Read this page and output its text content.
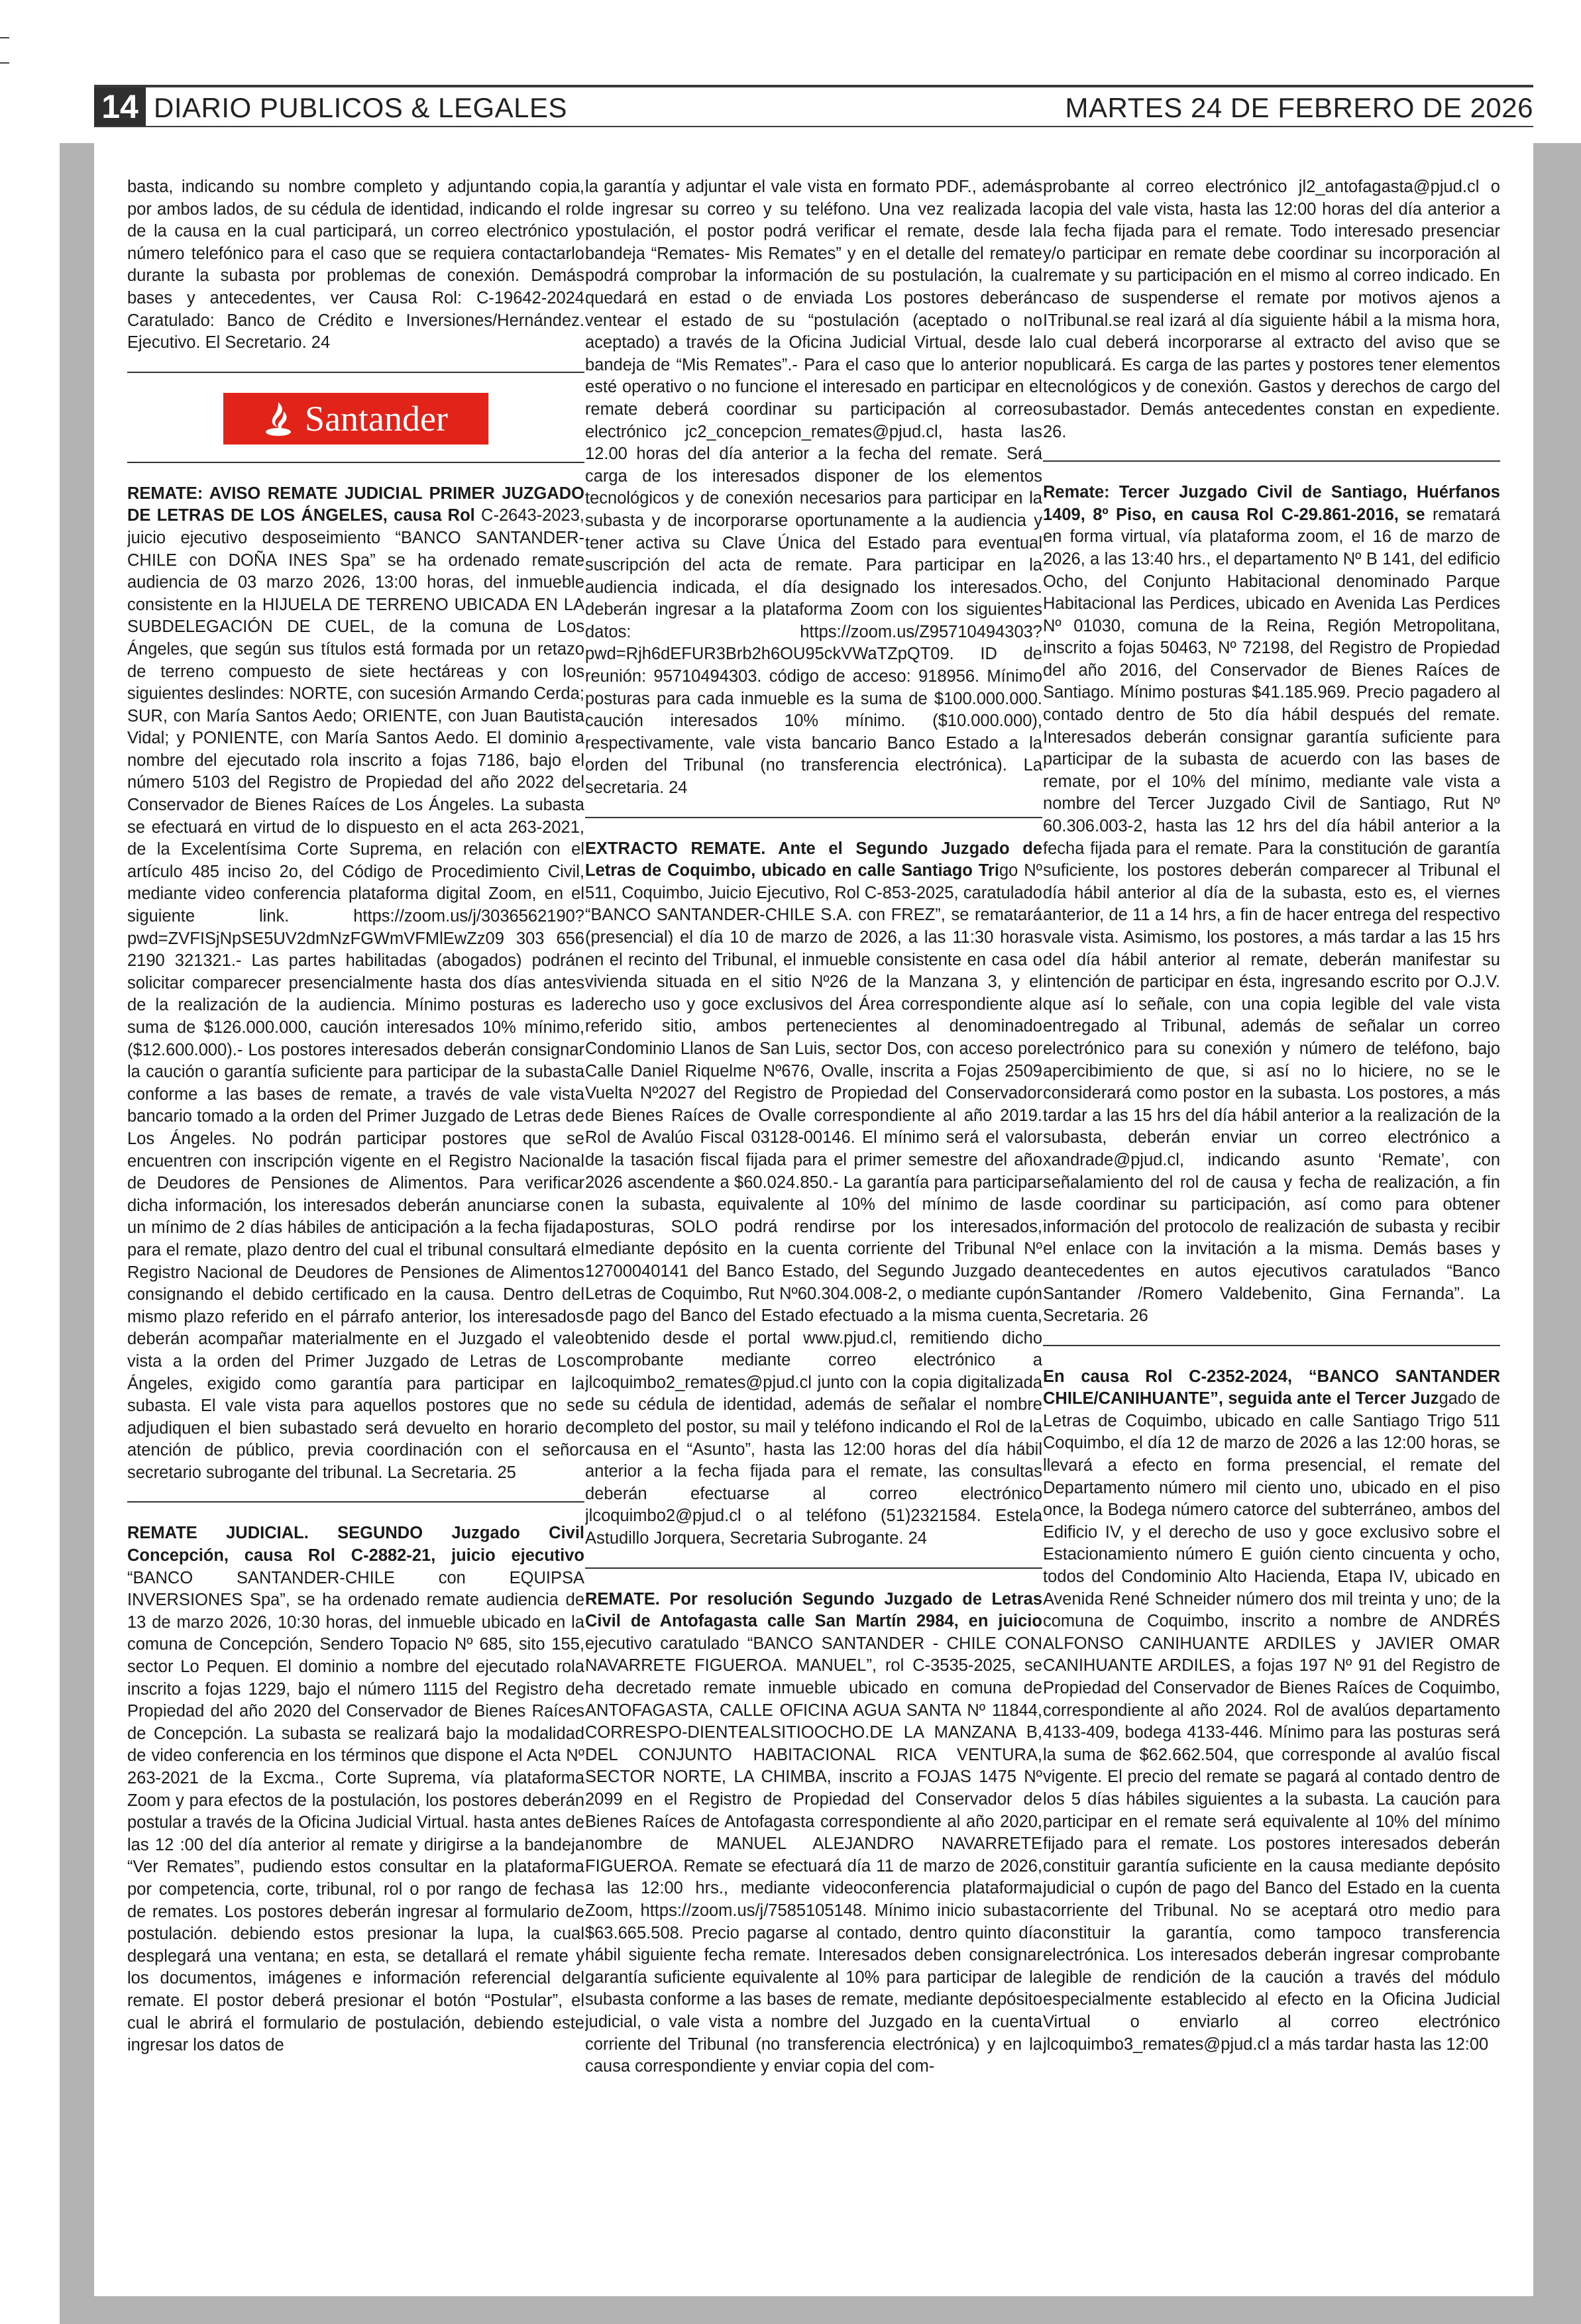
14 DIARIO PUBLICOS & LEGALES	MARTES 24 DE FEBRERO DE 2026

basta, indicando su nombre completo y adjuntando copia, por ambos lados, de su cédula de identidad, indicando el rol de la causa en la cual participará, un correo electrónico y número telefónico para el caso que se requiera contactarlo durante la subasta por problemas de conexión. Demás bases y antecedentes, ver Causa Rol: C-19642-2024 Caratulado: Banco de Crédito e Inversiones/Hernández. Ejecutivo. El Secretario. 24

Santander

REMATE: AVISO REMATE JUDICIAL PRIMER JUZGADO DE LETRAS DE LOS ÁNGELES, causa Rol C-2643-2023, juicio ejecutivo desposeimiento “BANCO SANTANDER-CHILE con DOÑA INES Spa” se ha ordenado remate audiencia de 03 marzo 2026, 13:00 horas, del inmueble consistente en la HIJUELA DE TERRENO UBICADA EN LA SUBDELEGACIÓN DE CUEL, de la comuna de Los Ángeles, que según sus títulos está formada por un retazo de terreno compuesto de siete hectáreas y con los siguientes deslindes: NORTE, con sucesión Armando Cerda; SUR, con María Santos Aedo; ORIENTE, con Juan Bautista Vidal; y PONIENTE, con María Santos Aedo. El dominio a nombre del ejecutado rola inscrito a fojas 7186, bajo el número 5103 del Registro de Propiedad del año 2022 del Conservador de Bienes Raíces de Los Ángeles. La subasta se efectuará en virtud de lo dispuesto en el acta 263-2021, de la Excelentísima Corte Suprema, en relación con el artículo 485 inciso 2o, del Código de Procedimiento Civil, mediante video conferencia plataforma digital Zoom, en el siguiente link. https://zoom.us/j/3036562190?pwd=ZVFISjNpSE5UV2dmNzFGWmVFMlEwZz09 303 656 2190 321321.- Las partes habilitadas (abogados) podrán solicitar comparecer presencialmente hasta dos días antes de la realización de la audiencia. Mínimo posturas es la suma de $126.000.000, caución interesados 10% mínimo, ($12.600.000).- Los postores interesados deberán consignar la caución o garantía suficiente para participar de la subasta conforme a las bases de remate, a través de vale vista bancario tomado a la orden del Primer Juzgado de Letras de Los Ángeles. No podrán participar postores que se encuentren con inscripción vigente en el Registro Nacional de Deudores de Pensiones de Alimentos. Para verificar dicha información, los interesados deberán anunciarse con un mínimo de 2 días hábiles de anticipación a la fecha fijada para el remate, plazo dentro del cual el tribunal consultará el Registro Nacional de Deudores de Pensiones de Alimentos consignando el debido certificado en la causa. Dentro del mismo plazo referido en el párrafo anterior, los interesados deberán acompañar materialmente en el Juzgado el vale vista a la orden del Primer Juzgado de Letras de Los Ángeles, exigido como garantía para participar en la subasta. El vale vista para aquellos postores que no se adjudiquen el bien subastado será devuelto en horario de atención de público, previa coordinación con el señor secretario subrogante del tribunal. La Secretaria. 25

REMATE JUDICIAL. SEGUNDO Juzgado Civil Concepción, causa Rol C-2882-21, juicio ejecutivo “BANCO SANTANDER-CHILE con EQUIPSA INVERSIONES Spa”, se ha ordenado remate audiencia de 13 de marzo 2026, 10:30 horas, del inmueble ubicado en la comuna de Concepción, Sendero Topacio Nº 685, sito 155, sector Lo Pequen. El dominio a nombre del ejecutado rola inscrito a fojas 1229, bajo el número 1115 del Registro de Propiedad del año 2020 del Conservador de Bienes Raíces de Concepción. La subasta se realizará bajo la modalidad de video conferencia en los términos que dispone el Acta Nº 263-2021 de la Excma., Corte Suprema, vía plataforma Zoom y para efectos de la postulación, los postores deberán postular a través de la Oficina Judicial Virtual. hasta antes de las 12 :00 del día anterior al remate y dirigirse a la bandeja “Ver Remates”, pudiendo estos consultar en la plataforma por competencia, corte, tribunal, rol o por rango de fechas de remates. Los postores deberán ingresar al formulario de postulación. debiendo estos presionar la lupa, la cual desplegará una ventana; en esta, se detallará el remate y los documentos, imágenes e información referencial del remate. El postor deberá presionar el botón “Postular”, el cual le abrirá el formulario de postulación, debiendo este ingresar los datos de

la garantía y adjuntar el vale vista en formato PDF., además de ingresar su correo y su teléfono. Una vez realizada la postulación, el postor podrá verificar el remate, desde la bandeja “Remates- Mis Remates” y en el detalle del remate podrá comprobar la información de su postulación, la cual quedará en estad o de enviada Los postores deberán ventear el estado de su “postulación (aceptado o no aceptado) a través de la Oficina Judicial Virtual, desde la bandeja de “Mis Remates”.- Para el caso que lo anterior no esté operativo o no funcione el interesado en participar en el remate deberá coordinar su participación al correo electrónico jc2_concepcion_remates@pjud.cl, hasta las 12.00 horas del día anterior a la fecha del remate. Será carga de los interesados disponer de los elementos tecnológicos y de conexión necesarios para participar en la subasta y de incorporarse oportunamente a la audiencia y tener activa su Clave Única del Estado para eventual suscripción del acta de remate. Para participar en la audiencia indicada, el día designado los interesados. deberán ingresar a la plataforma Zoom con los siguientes datos: https://zoom.us/Z95710494303?pwd=Rjh6dEFUR3Brb2h6OU95ckVWaTZpQT09. ID de reunión: 95710494303. código de acceso: 918956. Mínimo posturas para cada inmueble es la suma de $100.000.000. caución interesados 10% mínimo. ($10.000.000), respectivamente, vale vista bancario Banco Estado a la orden del Tribunal (no transferencia electrónica). La secretaria. 24

EXTRACTO REMATE. Ante el Segundo Juzgado de Letras de Coquimbo, ubicado en calle Santiago Trigo Nº 511, Coquimbo, Juicio Ejecutivo, Rol C-853-2025, caratulado “BANCO SANTANDER-CHILE S.A. con FREZ”, se rematará (presencial) el día 10 de marzo de 2026, a las 11:30 horas en el recinto del Tribunal, el inmueble consistente en casa o vivienda situada en el sitio Nº26 de la Manzana 3, y el derecho uso y goce exclusivos del Área correspondiente al referido sitio, ambos pertenecientes al denominado Condominio Llanos de San Luis, sector Dos, con acceso por Calle Daniel Riquelme Nº676, Ovalle, inscrita a Fojas 2509 Vuelta Nº2027 del Registro de Propiedad del Conservador de Bienes Raíces de Ovalle correspondiente al año 2019. Rol de Avalúo Fiscal 03128-00146. El mínimo será el valor de la tasación fiscal fijada para el primer semestre del año 2026 ascendente a $60.024.850.- La garantía para participar en la subasta, equivalente al 10% del mínimo de las posturas, SOLO podrá rendirse por los interesados, mediante depósito en la cuenta corriente del Tribunal Nº 12700040141 del Banco Estado, del Segundo Juzgado de Letras de Coquimbo, Rut Nº60.304.008-2, o mediante cupón de pago del Banco del Estado efectuado a la misma cuenta, obtenido desde el portal www.pjud.cl, remitiendo dicho comprobante mediante correo electrónico a jlcoquimbo2_remates@pjud.cl junto con la copia digitalizada de su cédula de identidad, además de señalar el nombre completo del postor, su mail y teléfono indicando el Rol de la causa en el “Asunto”, hasta las 12:00 horas del día hábil anterior a la fecha fijada para el remate, las consultas deberán efectuarse al correo electrónico jlcoquimbo2@pjud.cl o al teléfono (51)2321584. Estela Astudillo Jorquera, Secretaria Subrogante. 24

REMATE. Por resolución Segundo Juzgado de Letras Civil de Antofagasta calle San Martín 2984, en juicio ejecutivo caratulado “BANCO SANTANDER - CHILE CON NAVARRETE FIGUEROA. MANUEL”, rol C-3535-2025, se ha decretado remate inmueble ubicado en comuna de ANTOFAGASTA, CALLE OFICINA AGUA SANTA Nº 11844, CORRESPO-DIENTEALSITIOOCHO.DE LA MANZANA B, DEL CONJUNTO HABITACIONAL RICA VENTURA, SECTOR NORTE, LA CHIMBA, inscrito a FOJAS 1475 Nº 2099 en el Registro de Propiedad del Conservador de Bienes Raíces de Antofagasta correspondiente al año 2020, nombre de MANUEL ALEJANDRO NAVARRETE FIGUEROA. Remate se efectuará día 11 de marzo de 2026, a las 12:00 hrs., mediante videoconferencia plataforma Zoom, https://zoom.us/j/7585105148. Mínimo inicio subasta $63.665.508. Precio pagarse al contado, dentro quinto día hábil siguiente fecha remate. Interesados deben consignar garantía suficiente equivalente al 10% para participar de la subasta conforme a las bases de remate, mediante depósito judicial, o vale vista a nombre del Juzgado en la cuenta corriente del Tribunal (no transferencia electrónica) y en la causa correspondiente y enviar copia del com-

probante al correo electrónico jl2_antofagasta@pjud.cl o copia del vale vista, hasta las 12:00 horas del día anterior a la fecha fijada para el remate. Todo interesado presenciar y/o participar en remate debe coordinar su incorporación al remate y su participación en el mismo al correo indicado. En caso de suspenderse el remate por motivos ajenos a ITribunal.se real izará al día siguiente hábil a la misma hora, lo cual deberá incorporarse al extracto del aviso que se publicará. Es carga de las partes y postores tener elementos tecnológicos y de conexión. Gastos y derechos de cargo del subastador. Demás antecedentes constan en expediente. 26.

Remate: Tercer Juzgado Civil de Santiago, Huérfanos 1409, 8º Piso, en causa Rol C-29.861-2016, se rematará en forma virtual, vía plataforma zoom, el 16 de marzo de 2026, a las 13:40 hrs., el departamento Nº B 141, del edificio Ocho, del Conjunto Habitacional denominado Parque Habitacional las Perdices, ubicado en Avenida Las Perdices Nº 01030, comuna de la Reina, Región Metropolitana, inscrito a fojas 50463, Nº 72198, del Registro de Propiedad del año 2016, del Conservador de Bienes Raíces de Santiago. Mínimo posturas $41.185.969. Precio pagadero al contado dentro de 5to día hábil después del remate. Interesados deberán consignar garantía suficiente para participar de la subasta de acuerdo con las bases de remate, por el 10% del mínimo, mediante vale vista a nombre del Tercer Juzgado Civil de Santiago, Rut Nº 60.306.003-2, hasta las 12 hrs del día hábil anterior a la fecha fijada para el remate. Para la constitución de garantía suficiente, los postores deberán comparecer al Tribunal el día hábil anterior al día de la subasta, esto es, el viernes anterior, de 11 a 14 hrs, a fin de hacer entrega del respectivo vale vista. Asimismo, los postores, a más tardar a las 15 hrs del día hábil anterior al remate, deberán manifestar su intención de participar en ésta, ingresando escrito por O.J.V. que así lo señale, con una copia legible del vale vista entregado al Tribunal, además de señalar un correo electrónico para su conexión y número de teléfono, bajo apercibimiento de que, si así no lo hiciere, no se le considerará como postor en la subasta. Los postores, a más tardar a las 15 hrs del día hábil anterior a la realización de la subasta, deberán enviar un correo electrónico a xandrade@pjud.cl, indicando asunto ‘Remate’, con señalamiento del rol de causa y fecha de realización, a fin de coordinar su participación, así como para obtener información del protocolo de realización de subasta y recibir el enlace con la invitación a la misma. Demás bases y antecedentes en autos ejecutivos caratulados “Banco Santander /Romero Valdebenito, Gina Fernanda”. La Secretaria. 26

En causa Rol C-2352-2024, “BANCO SANTANDER CHILE/CANIHUANTE”, seguida ante el Tercer Juzgado de Letras de Coquimbo, ubicado en calle Santiago Trigo 511 Coquimbo, el día 12 de marzo de 2026 a las 12:00 horas, se llevará a efecto en forma presencial, el remate del Departamento número mil ciento uno, ubicado en el piso once, la Bodega número catorce del subterráneo, ambos del Edificio IV, y el derecho de uso y goce exclusivo sobre el Estacionamiento número E guión ciento cincuenta y ocho, todos del Condominio Alto Hacienda, Etapa IV, ubicado en Avenida René Schneider número dos mil treinta y uno; de la comuna de Coquimbo, inscrito a nombre de ANDRÉS ALFONSO CANIHUANTE ARDILES y JAVIER OMAR CANIHUANTE ARDILES, a fojas 197 Nº 91 del Registro de Propiedad del Conservador de Bienes Raíces de Coquimbo, correspondiente al año 2024. Rol de avalúos departamento 4133-409, bodega 4133-446. Mínimo para las posturas será la suma de $62.662.504, que corresponde al avalúo fiscal vigente. El precio del remate se pagará al contado dentro de los 5 días hábiles siguientes a la subasta. La caución para participar en el remate será equivalente al 10% del mínimo fijado para el remate. Los postores interesados deberán constituir garantía suficiente en la causa mediante depósito judicial o cupón de pago del Banco del Estado en la cuenta corriente del Tribunal. No se aceptará otro medio para constituir la garantía, como tampoco transferencia electrónica. Los interesados deberán ingresar comprobante legible de rendición de la caución a través del módulo especialmente establecido al efecto en la Oficina Judicial Virtual o enviarlo al correo electrónico jlcoquimbo3_remates@pjud.cl a más tardar hasta las 12:00
